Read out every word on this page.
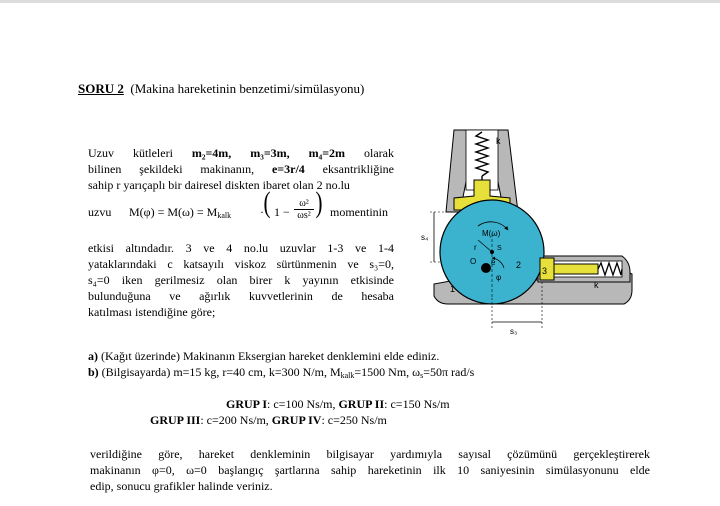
SORU 2 (Makina hareketinin benzetimi/simülasyonu)
Uzuv kütleleri m₂=4m, m₃=3m, m₄=2m olarak
bilinen şekildeki makinanın, e=3r/4 eksantrikliğine
sahip r yarıçaplı bir dairesel diskten ibaret olan 2 no.lu
uzvu $M(\varphi) = M(\omega) = M_{kalk}$ · ( $1 - \frac{\text{ω²}}{\text{ωs²}}$ ) momentinin
etkisi altındadır. 3 ve 4 no.lu uzuvlar 1-3 ve 1-4
yataklarındaki c katsayılı viskoz sürtünmenin ve s₃=0,
s₄=0 iken gerilmesiz olan birer k yayının etkisinde
bulunduğuna ve ağırlık kuvvetlerinin de hesaba
katılması istendiğine göre;
a) (Kağıt üzerinde) Makinanın Eksergian hareket denklemini elde ediniz.
b) (Bilgisayarda) m=15 kg, r=40 cm, k=300 N/m, $M_{kalk}=1500$ Nm, $\omega_s=50\pi$ rad/s
GRUP I: c=100 Ns/m, GRUP II: c=150 Ns/m
GRUP III: c=200 Ns/m, GRUP IV: c=250 Ns/m
verildiğine göre, hareket denkleminin bilgisayar yardımıyla sayısal çözümünü gerçekleştirerek
makinanın φ=0, ω=0 başlangıç şartlarına sahip hareketinin ilk 10 saniyesinin simülasyonunu elde
edip, sonucu grafikler halinde veriniz.
k
s₄
S
M(ω)
r
2
O e
φ
3
k
1
s₃
